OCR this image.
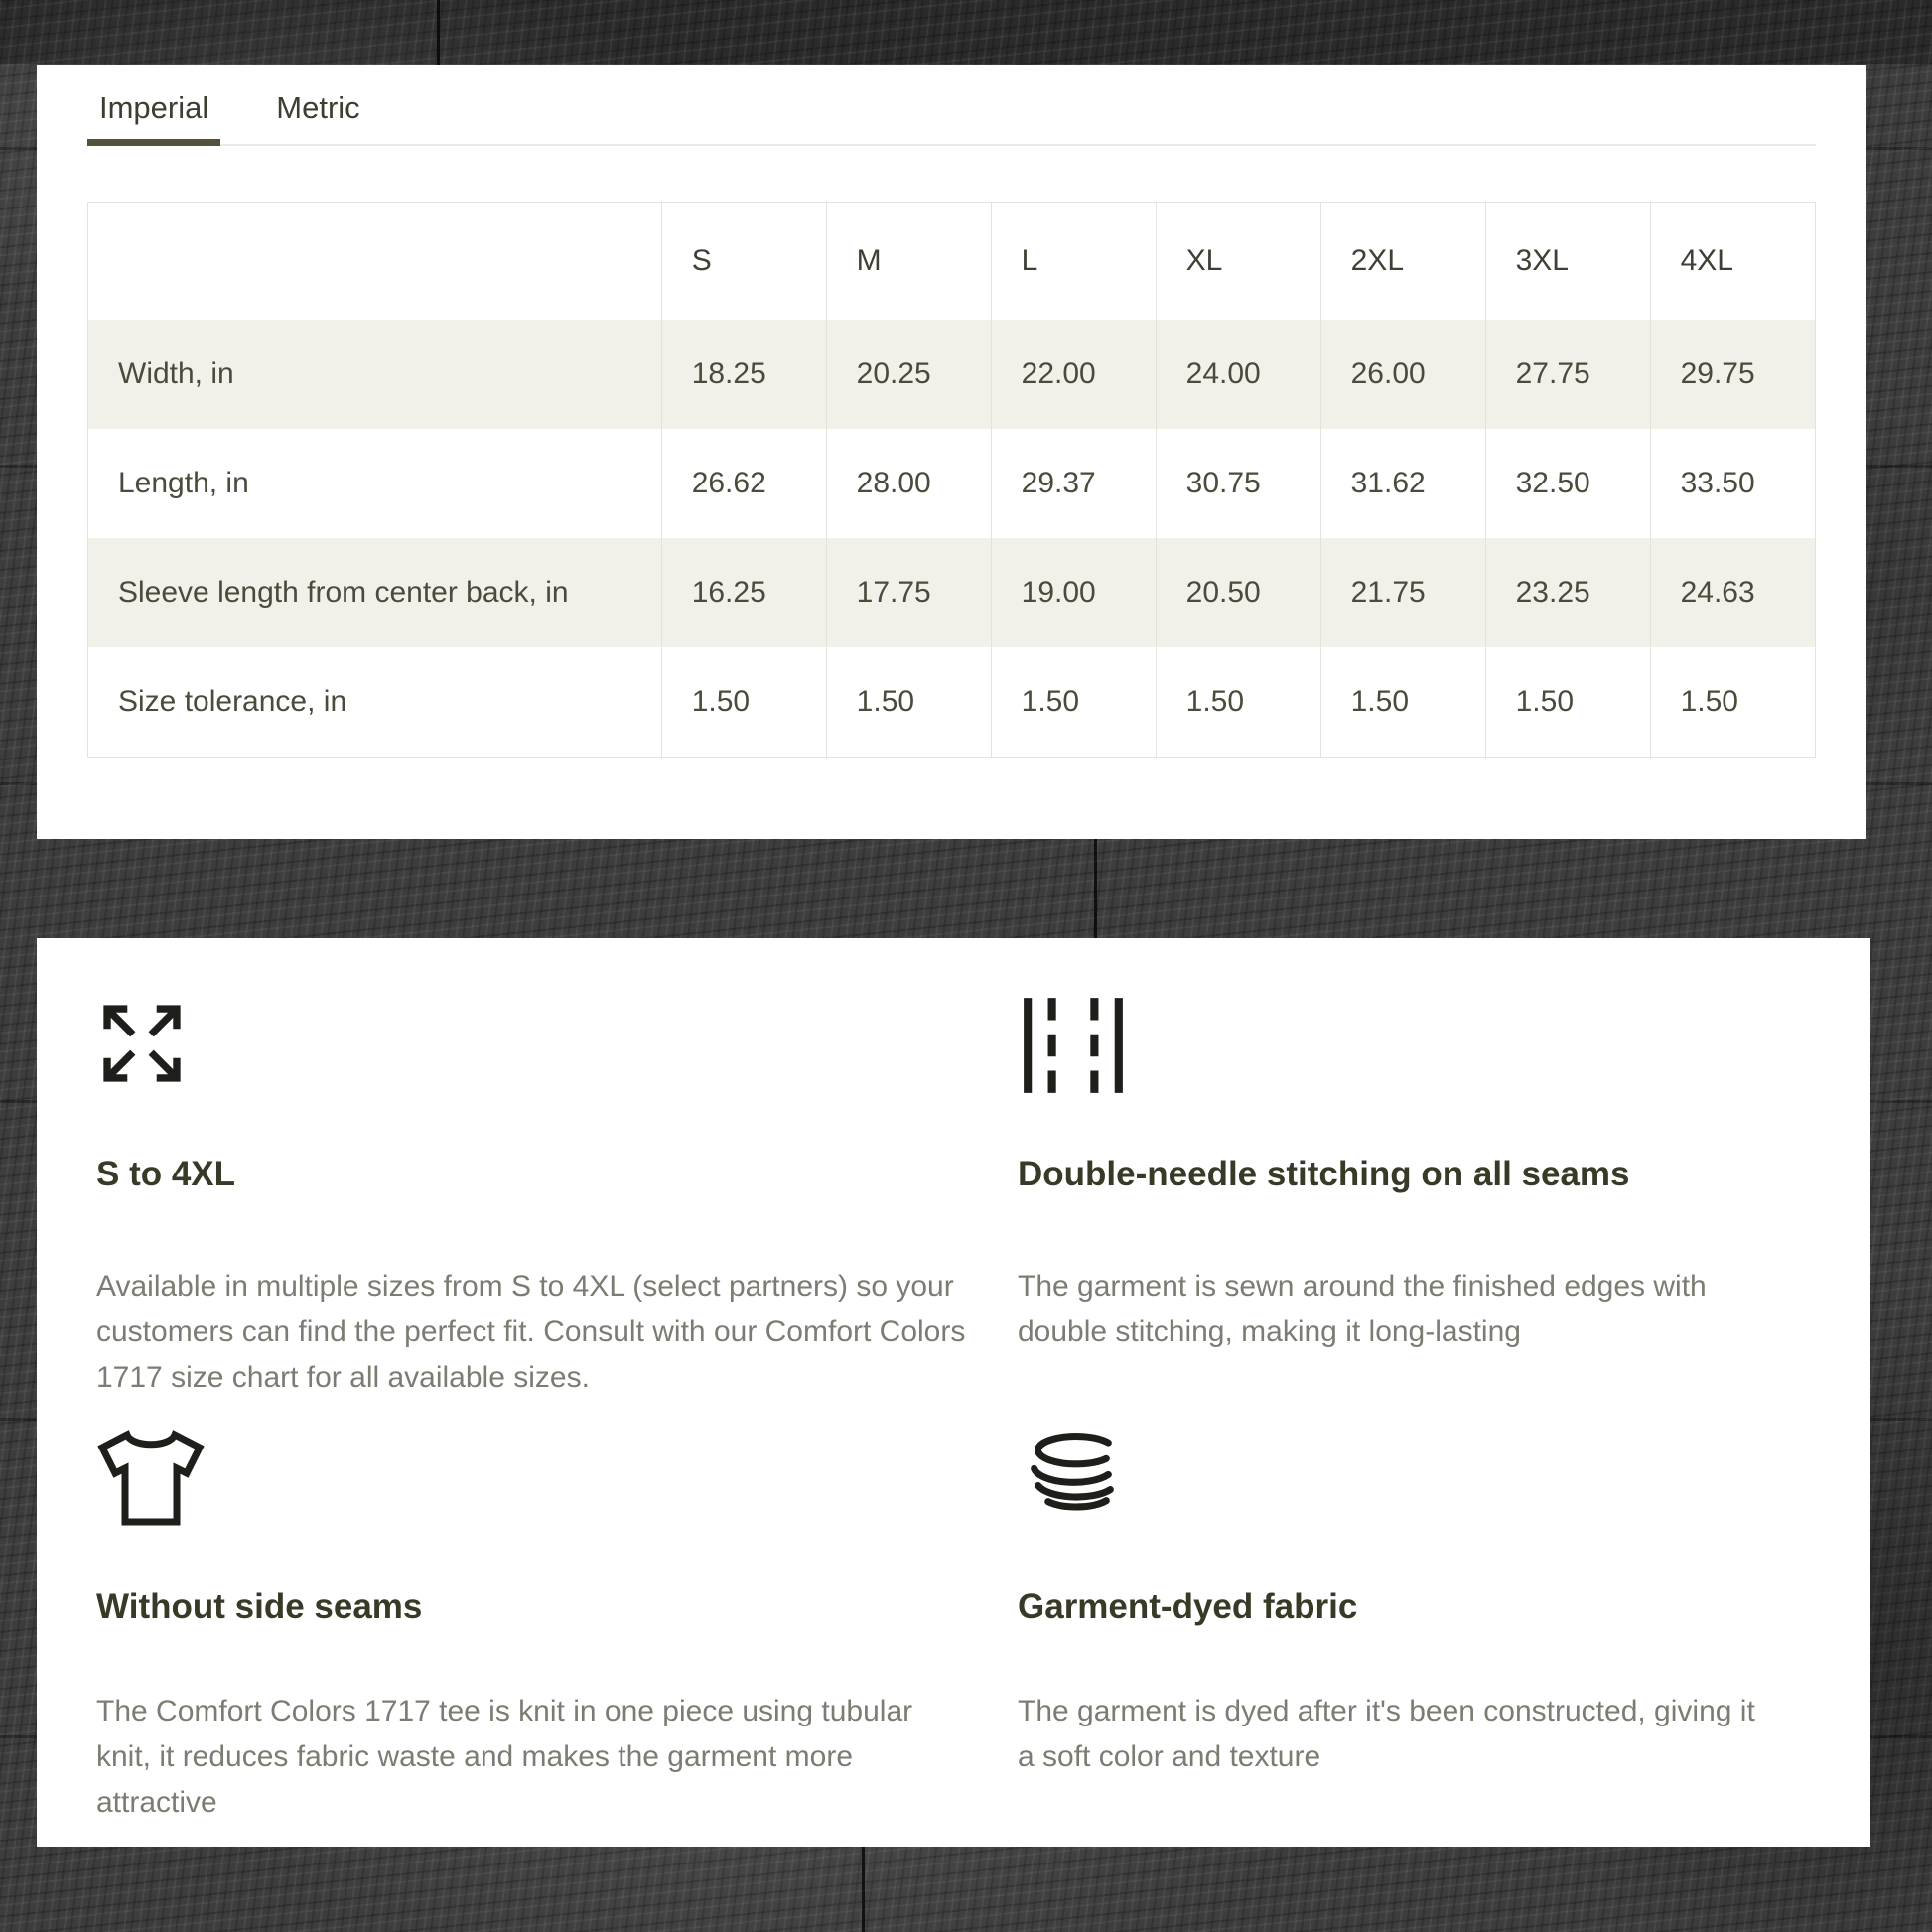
Imperial	Metric
	S	M	L	XL	2XL	3XL	4XL
Width, in	18.25	20.25	22.00	24.00	26.00	27.75	29.75
Length, in	26.62	28.00	29.37	30.75	31.62	32.50	33.50
Sleeve length from center back, in	16.25	17.75	19.00	20.50	21.75	23.25	24.63
Size tolerance, in	1.50	1.50	1.50	1.50	1.50	1.50	1.50
S to 4XL	Double-needle stitching on all seams
Available in multiple sizes from S to 4XL (select partners) so your customers can find the perfect fit. Consult with our Comfort Colors 1717 size chart for all available sizes.
The garment is sewn around the finished edges with double stitching, making it long-lasting
Without side seams	Garment-dyed fabric
The Comfort Colors 1717 tee is knit in one piece using tubular knit, it reduces fabric waste and makes the garment more attractive
The garment is dyed after it's been constructed, giving it a soft color and texture
